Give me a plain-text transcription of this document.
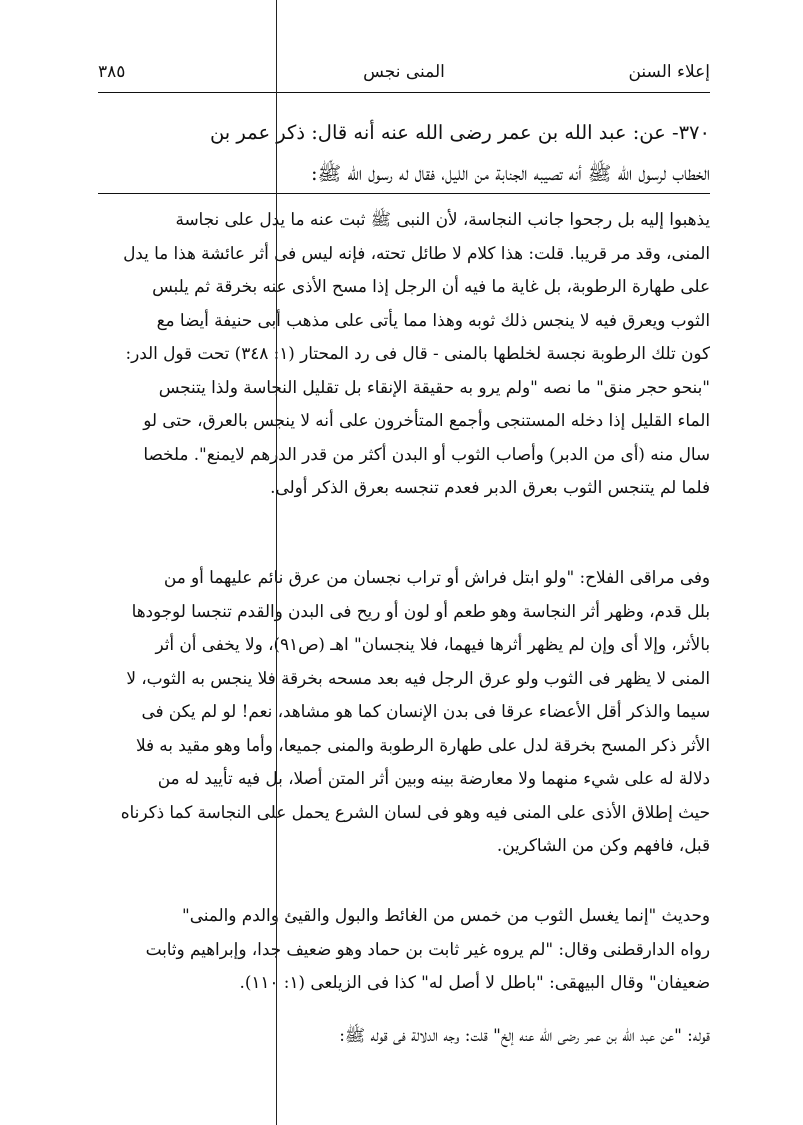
إعلاء السنن
المنى نجس
٣٨٥
٣٧٠- عن: عبد الله بن عمر رضى الله عنه أنه قال: ذكر عمر بن
الخطاب لرسول الله ﷺ أنه تصيبه الجنابة من الليل، فقال له رسول الله ﷺ:
يذهبوا إليه بل رجحوا جانب النجاسة، لأن النبى ﷺ ثبت عنه ما يدل على نجاسة
المنى، وقد مر قريبا. قلت: هذا كلام لا طائل تحته، فإنه ليس فى أثر عائشة هذا ما يدل
على طهارة الرطوبة، بل غاية ما فيه أن الرجل إذا مسح الأذى عنه بخرقة ثم يلبس
الثوب ويعرق فيه لا ينجس ذلك ثوبه وهذا مما يأتى على مذهب أبى حنيفة أيضا مع
كون تلك الرطوبة نجسة لخلطها بالمنى - قال فى رد المحتار (١: ٣٤٨) تحت قول الدر:
"بنحو حجر منق" ما نصه "ولم يرو به حقيقة الإنقاء بل تقليل النجاسة ولذا يتنجس
الماء القليل إذا دخله المستنجى وأجمع المتأخرون على أنه لا ينجس بالعرق، حتى لو
سال منه (أى من الدبر) وأصاب الثوب أو البدن أكثر من قدر الدرهم لايمنع". ملخصا
فلما لم يتنجس الثوب بعرق الدبر فعدم تنجسه بعرق الذكر أولى.
وفى مراقى الفلاح: "ولو ابتل فراش أو تراب نجسان من عرق نائم عليهما أو من
بلل قدم، وظهر أثر النجاسة وهو طعم أو لون أو ريح فى البدن والقدم تنجسا لوجودها
بالأثر، وإلا أى وإن لم يظهر أثرها فيهما، فلا ينجسان" اهـ (ص٩١)، ولا يخفى أن أثر
المنى لا يظهر فى الثوب ولو عرق الرجل فيه بعد مسحه بخرقة فلا ينجس به الثوب، لا
سيما والذكر أقل الأعضاء عرقا فى بدن الإنسان كما هو مشاهد، نعم! لو لم يكن فى
الأثر ذكر المسح بخرقة لدل على طهارة الرطوبة والمنى جميعا، وأما وهو مقيد به فلا
دلالة له على شيء منهما ولا معارضة بينه وبين أثر المتن أصلا، بل فيه تأييد له من
حيث إطلاق الأذى على المنى فيه وهو فى لسان الشرع يحمل على النجاسة كما ذكرناه
قبل، فافهم وكن من الشاكرين.
وحديث "إنما يغسل الثوب من خمس من الغائط والبول والقيئ والدم والمنى"
رواه الدارقطنى وقال: "لم يروه غير ثابت بن حماد وهو ضعيف جدا، وإبراهيم وثابت
ضعيفان" وقال البيهقى: "باطل لا أصل له" كذا فى الزيلعى (١: ١١٠).
قوله: "عن عبد الله بن عمر رضى الله عنه إلخ" قلت: وجه الدلالة فى قوله ﷺ:
